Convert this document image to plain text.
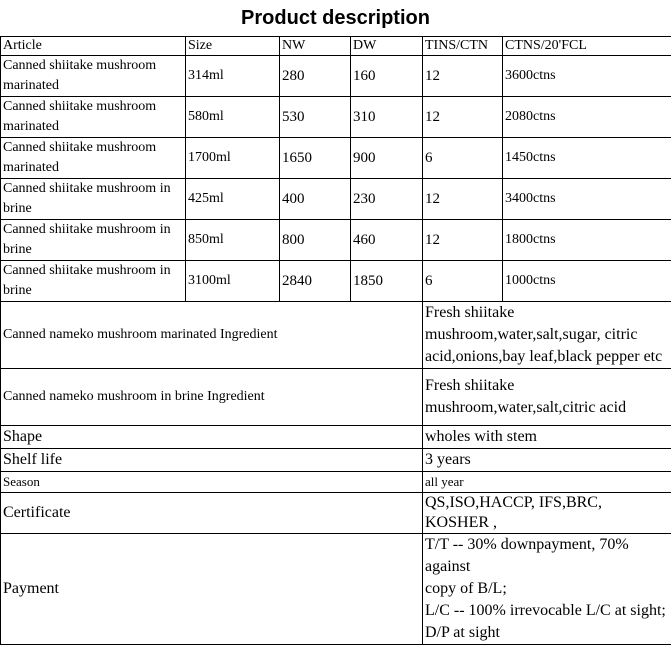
Product description
Article	Size	NW	DW	TINS/CTN	CTNS/20'FCL
Canned shiitake mushroom marinated	314ml	280	160	12	3600ctns
Canned shiitake mushroom marinated	580ml	530	310	12	2080ctns
Canned shiitake mushroom marinated	1700ml	1650	900	6	1450ctns
Canned shiitake mushroom in brine	425ml	400	230	12	3400ctns
Canned shiitake mushroom in brine	850ml	800	460	12	1800ctns
Canned shiitake mushroom in brine	3100ml	2840	1850	6	1000ctns
Canned nameko mushroom marinated Ingredient				Fresh shiitake mushroom,water,salt,sugar, citric acid,onions,bay leaf,black pepper etc	
Canned nameko mushroom in brine Ingredient				Fresh shiitake mushroom,water,salt,citric acid	
Shape				wholes with stem	
Shelf life				3 years	
Season				all year	
Certificate				QS,ISO,HACCP, IFS,BRC, KOSHER ,	
Payment				T/T -- 30% downpayment, 70% against
copy of B/L;
L/C -- 100% irrevocable L/C at sight;
D/P at sight	
